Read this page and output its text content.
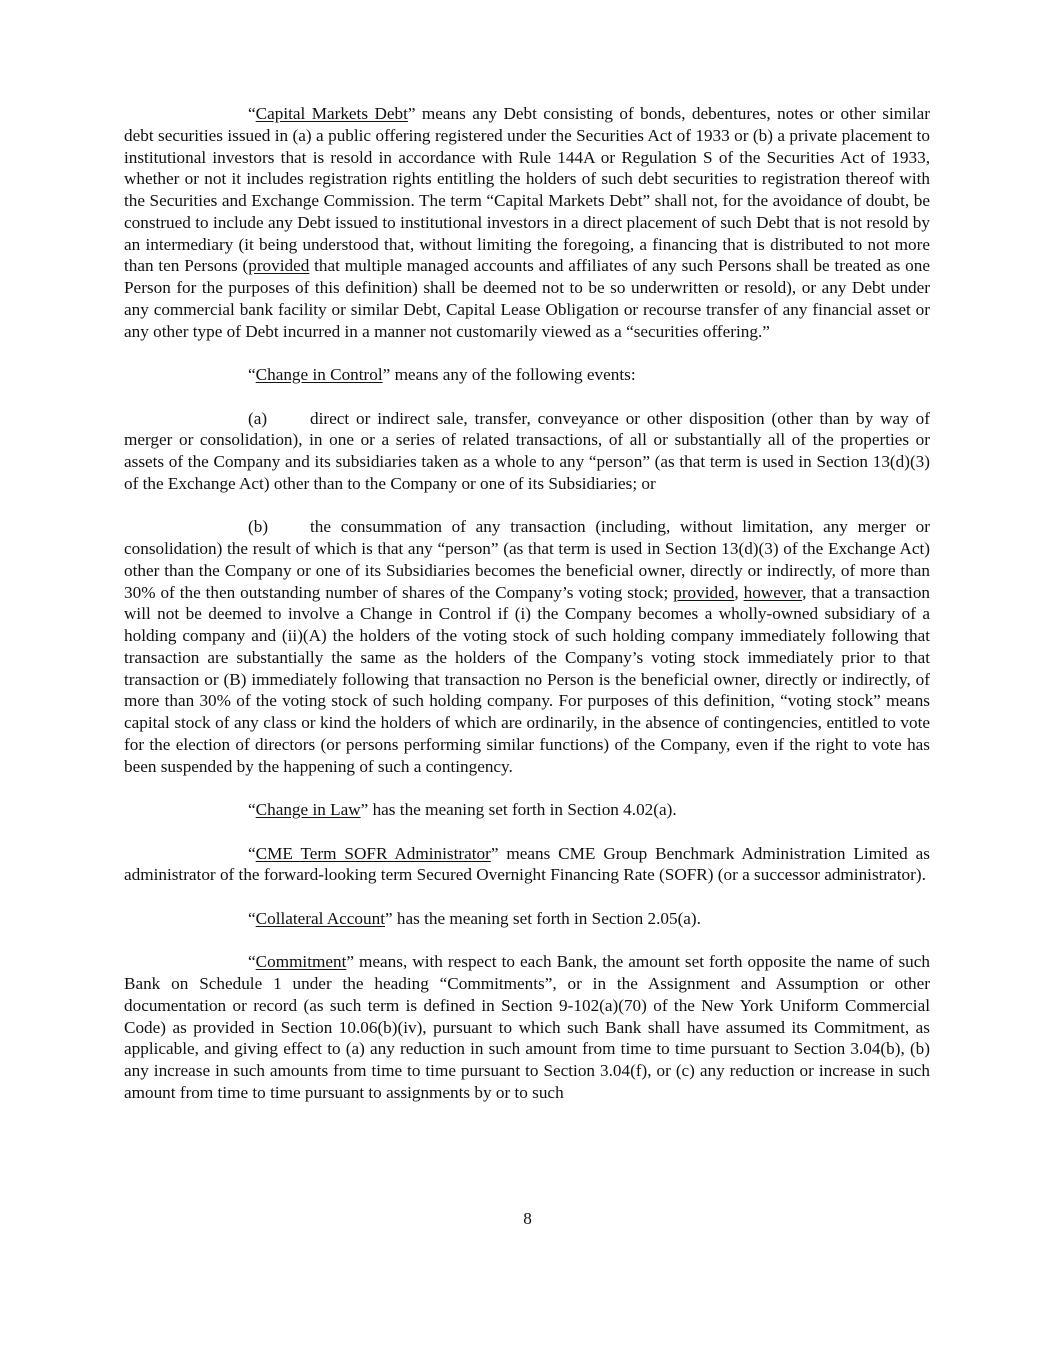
“Capital Markets Debt” means any Debt consisting of bonds, debentures, notes or other similar debt securities issued in (a) a public offering registered under the Securities Act of 1933 or (b) a private placement to institutional investors that is resold in accordance with Rule 144A or Regulation S of the Securities Act of 1933, whether or not it includes registration rights entitling the holders of such debt securities to registration thereof with the Securities and Exchange Commission. The term “Capital Markets Debt” shall not, for the avoidance of doubt, be construed to include any Debt issued to institutional investors in a direct placement of such Debt that is not resold by an intermediary (it being understood that, without limiting the foregoing, a financing that is distributed to not more than ten Persons (provided that multiple managed accounts and affiliates of any such Persons shall be treated as one Person for the purposes of this definition) shall be deemed not to be so underwritten or resold), or any Debt under any commercial bank facility or similar Debt, Capital Lease Obligation or recourse transfer of any financial asset or any other type of Debt incurred in a manner not customarily viewed as a “securities offering.”

“Change in Control” means any of the following events:

(a) direct or indirect sale, transfer, conveyance or other disposition (other than by way of merger or consolidation), in one or a series of related transactions, of all or substantially all of the properties or assets of the Company and its subsidiaries taken as a whole to any “person” (as that term is used in Section 13(d)(3) of the Exchange Act) other than to the Company or one of its Subsidiaries; or

(b) the consummation of any transaction (including, without limitation, any merger or consolidation) the result of which is that any “person” (as that term is used in Section 13(d)(3) of the Exchange Act) other than the Company or one of its Subsidiaries becomes the beneficial owner, directly or indirectly, of more than 30% of the then outstanding number of shares of the Company’s voting stock; provided, however, that a transaction will not be deemed to involve a Change in Control if (i) the Company becomes a wholly-owned subsidiary of a holding company and (ii)(A) the holders of the voting stock of such holding company immediately following that transaction are substantially the same as the holders of the Company’s voting stock immediately prior to that transaction or (B) immediately following that transaction no Person is the beneficial owner, directly or indirectly, of more than 30% of the voting stock of such holding company. For purposes of this definition, “voting stock” means capital stock of any class or kind the holders of which are ordinarily, in the absence of contingencies, entitled to vote for the election of directors (or persons performing similar functions) of the Company, even if the right to vote has been suspended by the happening of such a contingency.

“Change in Law” has the meaning set forth in Section 4.02(a).

“CME Term SOFR Administrator” means CME Group Benchmark Administration Limited as administrator of the forward-looking term Secured Overnight Financing Rate (SOFR) (or a successor administrator).

“Collateral Account” has the meaning set forth in Section 2.05(a).

“Commitment” means, with respect to each Bank, the amount set forth opposite the name of such Bank on Schedule 1 under the heading “Commitments”, or in the Assignment and Assumption or other documentation or record (as such term is defined in Section 9-102(a)(70) of the New York Uniform Commercial Code) as provided in Section 10.06(b)(iv), pursuant to which such Bank shall have assumed its Commitment, as applicable, and giving effect to (a) any reduction in such amount from time to time pursuant to Section 3.04(b), (b) any increase in such amounts from time to time pursuant to Section 3.04(f), or (c) any reduction or increase in such amount from time to time pursuant to assignments by or to such

8
